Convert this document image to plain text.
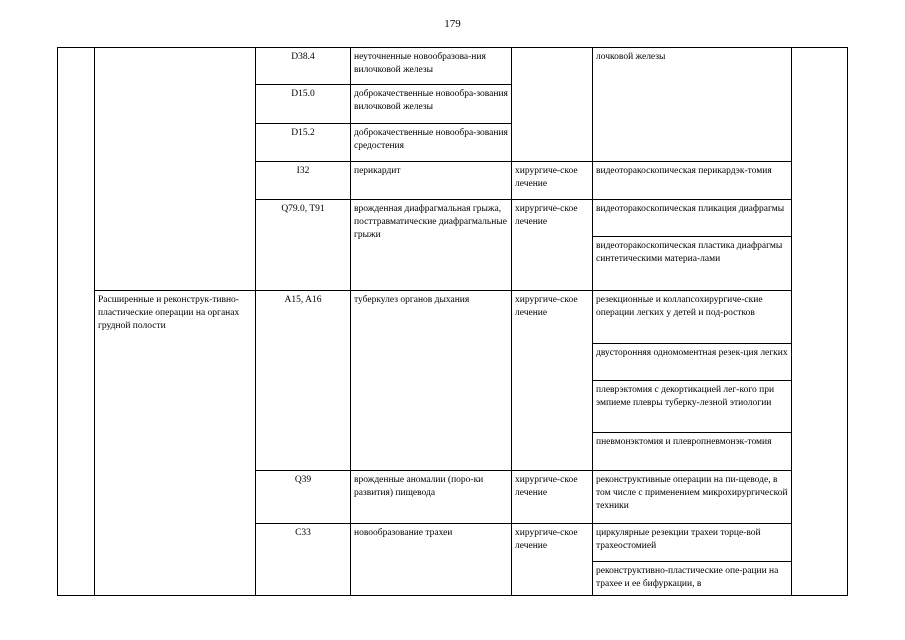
179
		D38.4	неуточненные новообразова-ния вилочковой железы		лочковой железы	
		D15.0	доброкачественные новообра-зования вилочковой железы			
		D15.2	доброкачественные новообра-зования средостения			
		I32	перикардит	хирургиче-ское лечение	видеоторакоскопическая перикардэк-томия	
		Q79.0, T91	врожденная диафрагмальная грыжа, посттравматические диафрагмальные грыжи	хирургиче-ское лечение	видеоторакоскопическая пликация диафрагмы	
					видеоторакоскопическая пластика диафрагмы синтетическими материа-лами	
	Расширенные и реконструк-тивно-пластические операции на органах грудной полости	A15, A16	туберкулез органов дыхания	хирургиче-ское лечение	резекционные и коллапсохирургиче-ские операции легких у детей и под-ростков	
					двусторонняя одномоментная резек-ция легких	
					плеврэктомия с декортикацией лег-кого при эмпиеме плевры туберку-лезной этиологии	
					пневмонэктомия и плевропневмонэк-томия	
		Q39	врожденные аномалии (поро-ки развития) пищевода	хирургиче-ское лечение	реконструктивные операции на пи-щеводе, в том числе с применением микрохирургической техники	
		C33	новообразование трахеи	хирургиче-ское лечение	циркулярные резекции трахеи торце-вой трахеостомией	
					реконструктивно-пластические опе-рации на трахее и ее бифуркации, в	
